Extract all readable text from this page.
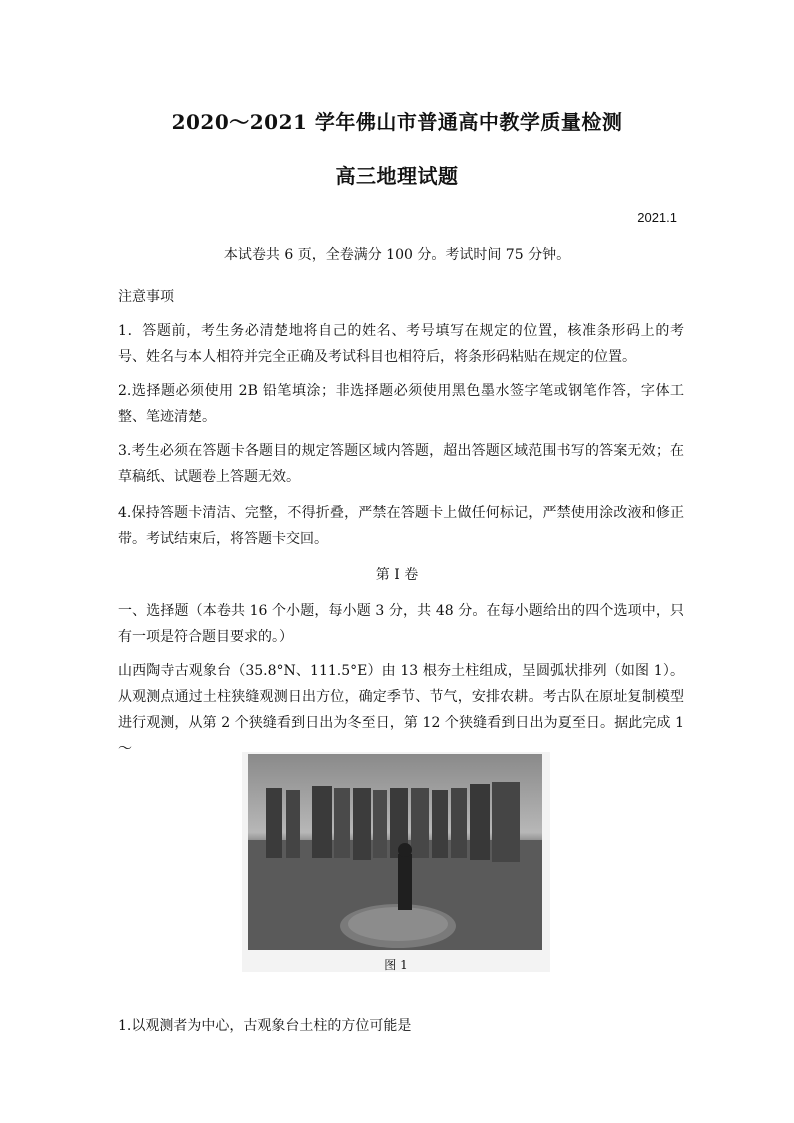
2020～2021 学年佛山市普通高中教学质量检测
高三地理试题
2021.1
本试卷共 6 页，全卷满分 100 分。考试时间 75 分钟。
注意事项
1．答题前，考生务必清楚地将自己的姓名、考号填写在规定的位置，核准条形码上的考号、姓名与本人相符并完全正确及考试科目也相符后，将条形码粘贴在规定的位置。
2.选择题必须使用 2B 铅笔填涂；非选择题必须使用黑色墨水签字笔或钢笔作答，字体工整、笔迹清楚。
3.考生必须在答题卡各题目的规定答题区域内答题，超出答题区域范围书写的答案无效；在草稿纸、试题卷上答题无效。
4.保持答题卡清洁、完整，不得折叠，严禁在答题卡上做任何标记，严禁使用涂改液和修正带。考试结束后，将答题卡交回。
第 I 卷
一、选择题（本卷共 16 个小题，每小题 3 分，共 48 分。在每小题给出的四个选项中，只有一项是符合题目要求的。）
山西陶寺古观象台（35.8°N、111.5°E）由 13 根夯土柱组成，呈圆弧状排列（如图 1）。从观测点通过土柱狭缝观测日出方位，确定季节、节气，安排农耕。考古队在原址复制模型进行观测，从第 2 个狭缝看到日出为冬至日，第 12 个狭缝看到日出为夏至日。据此完成 1～
图 1
1.以观测者为中心，古观象台土柱的方位可能是
